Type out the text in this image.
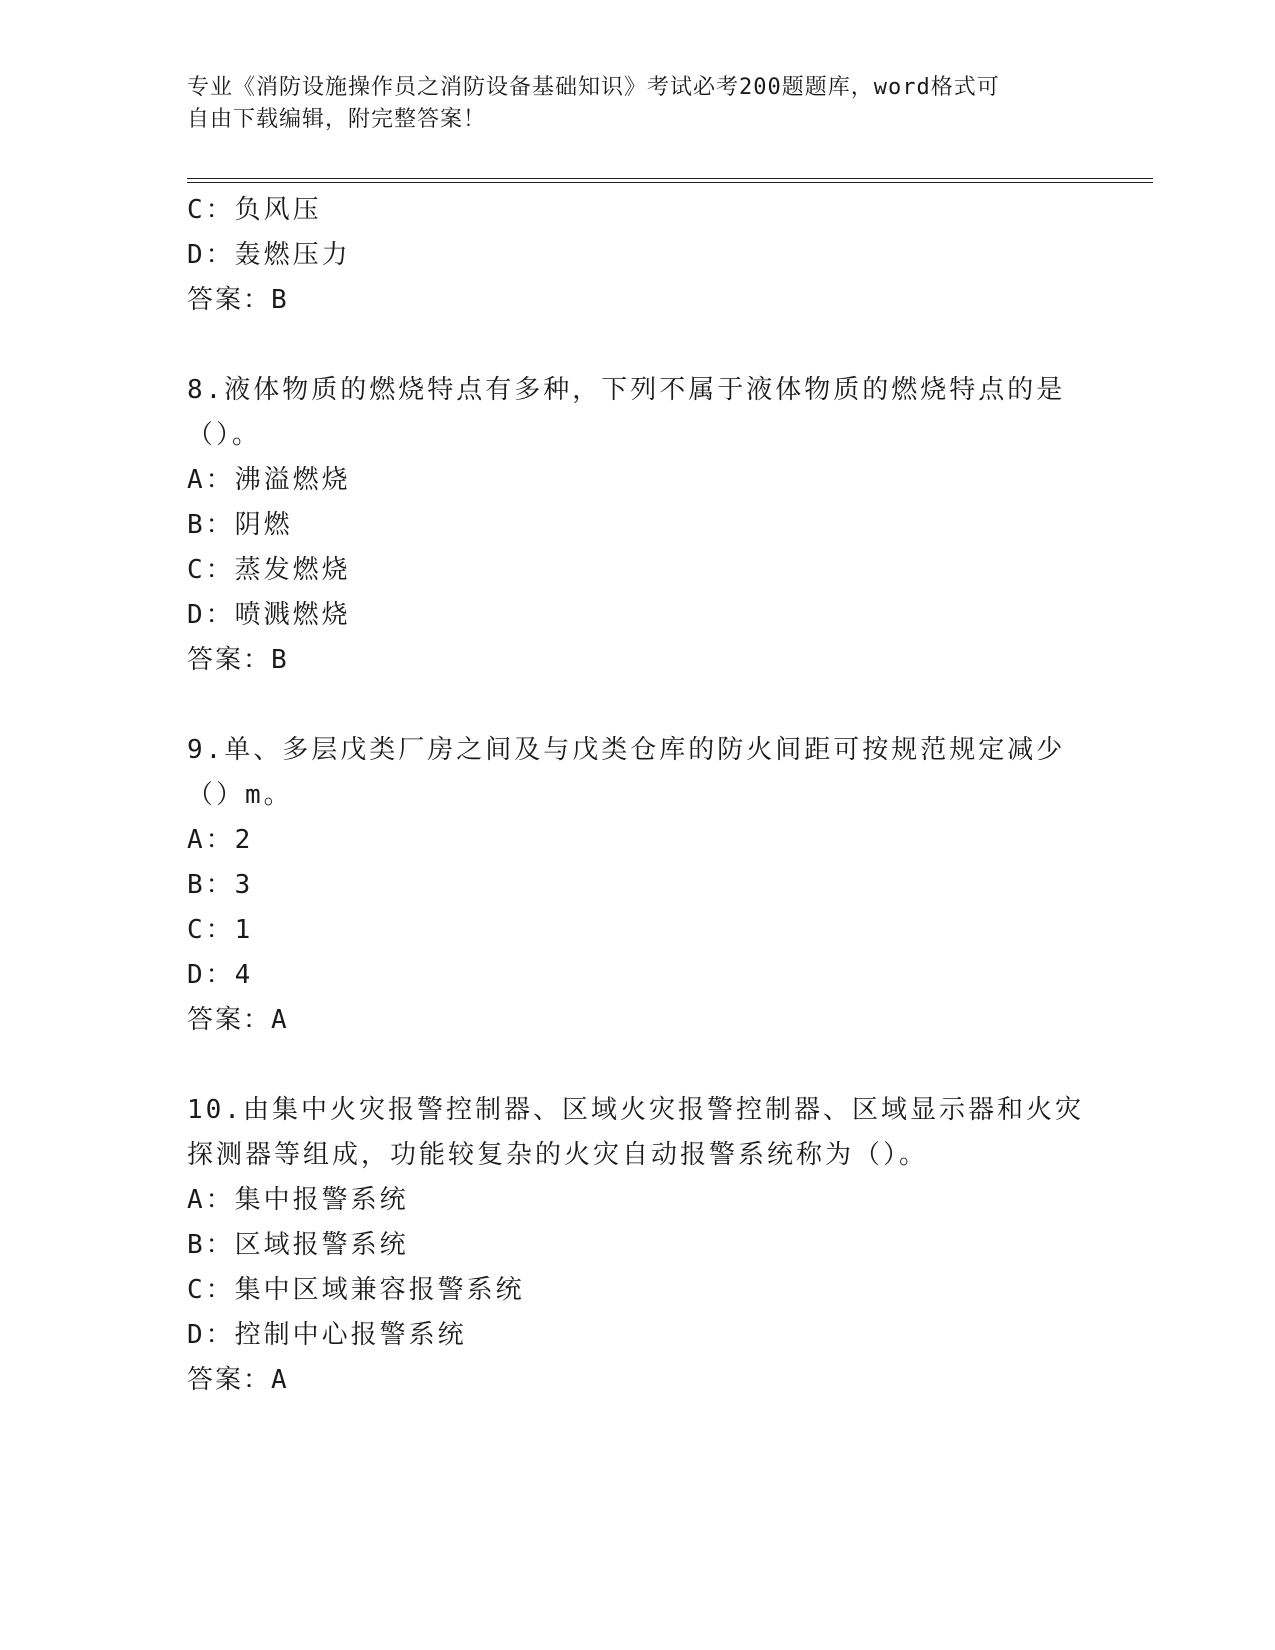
专业《消防设施操作员之消防设备基础知识》考试必考200题题库，word格式可
自由下载编辑，附完整答案！
C：负风压
D：轰燃压力
答案：B
8.液体物质的燃烧特点有多种，下列不属于液体物质的燃烧特点的是
（）。
A：沸溢燃烧
B：阴燃
C：蒸发燃烧
D：喷溅燃烧
答案：B
9.单、多层戊类厂房之间及与戊类仓库的防火间距可按规范规定减少
（）m。
A：2
B：3
C：1
D：4
答案：A
10.由集中火灾报警控制器、区域火灾报警控制器、区域显示器和火灾
探测器等组成，功能较复杂的火灾自动报警系统称为（）。
A：集中报警系统
B：区域报警系统
C：集中区域兼容报警系统
D：控制中心报警系统
答案：A
